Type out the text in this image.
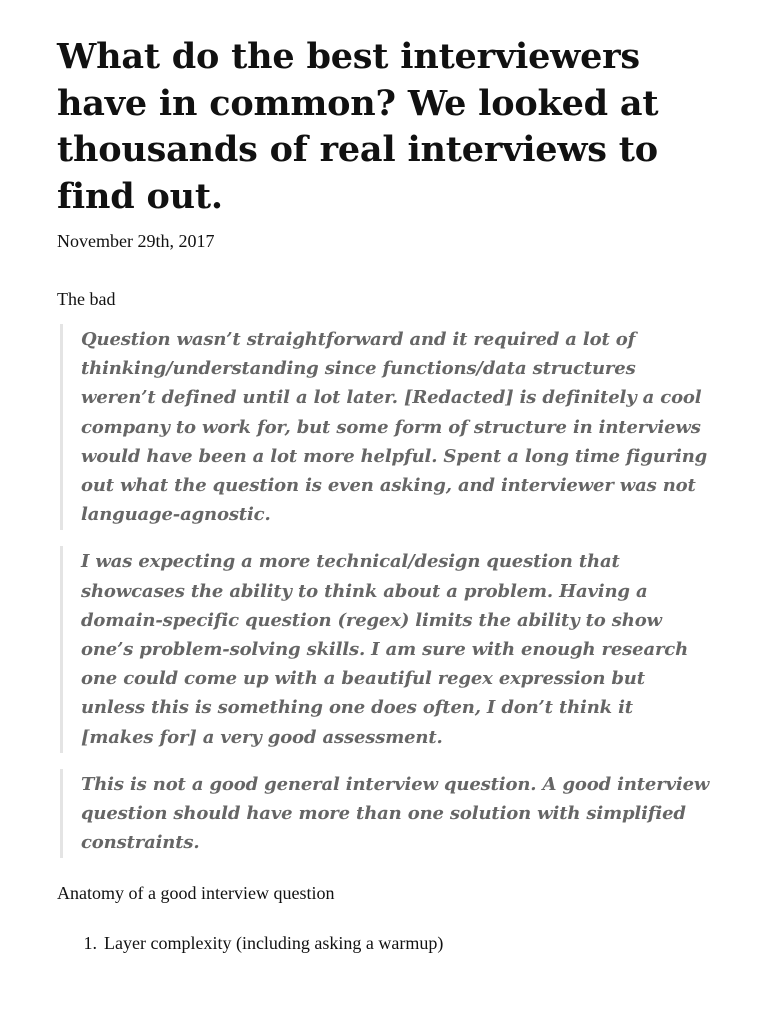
What do the best interviewers have in common? We looked at thousands of real interviews to find out.
November 29th, 2017

The bad

Question wasn’t straightforward and it required a lot of thinking/understanding since functions/data structures weren’t defined until a lot later. [Redacted] is definitely a cool company to work for, but some form of structure in interviews would have been a lot more helpful. Spent a long time figuring out what the question is even asking, and interviewer was not language-agnostic.
I was expecting a more technical/design question that showcases the ability to think about a problem. Having a domain-specific question (regex) limits the ability to show one’s problem-solving skills. I am sure with enough research one could come up with a beautiful regex expression but unless this is something one does often, I don’t think it [makes for] a very good assessment.
This is not a good general interview question. A good interview question should have more than one solution with simplified constraints.

Anatomy of a good interview question

1. Layer complexity (including asking a warmup)
